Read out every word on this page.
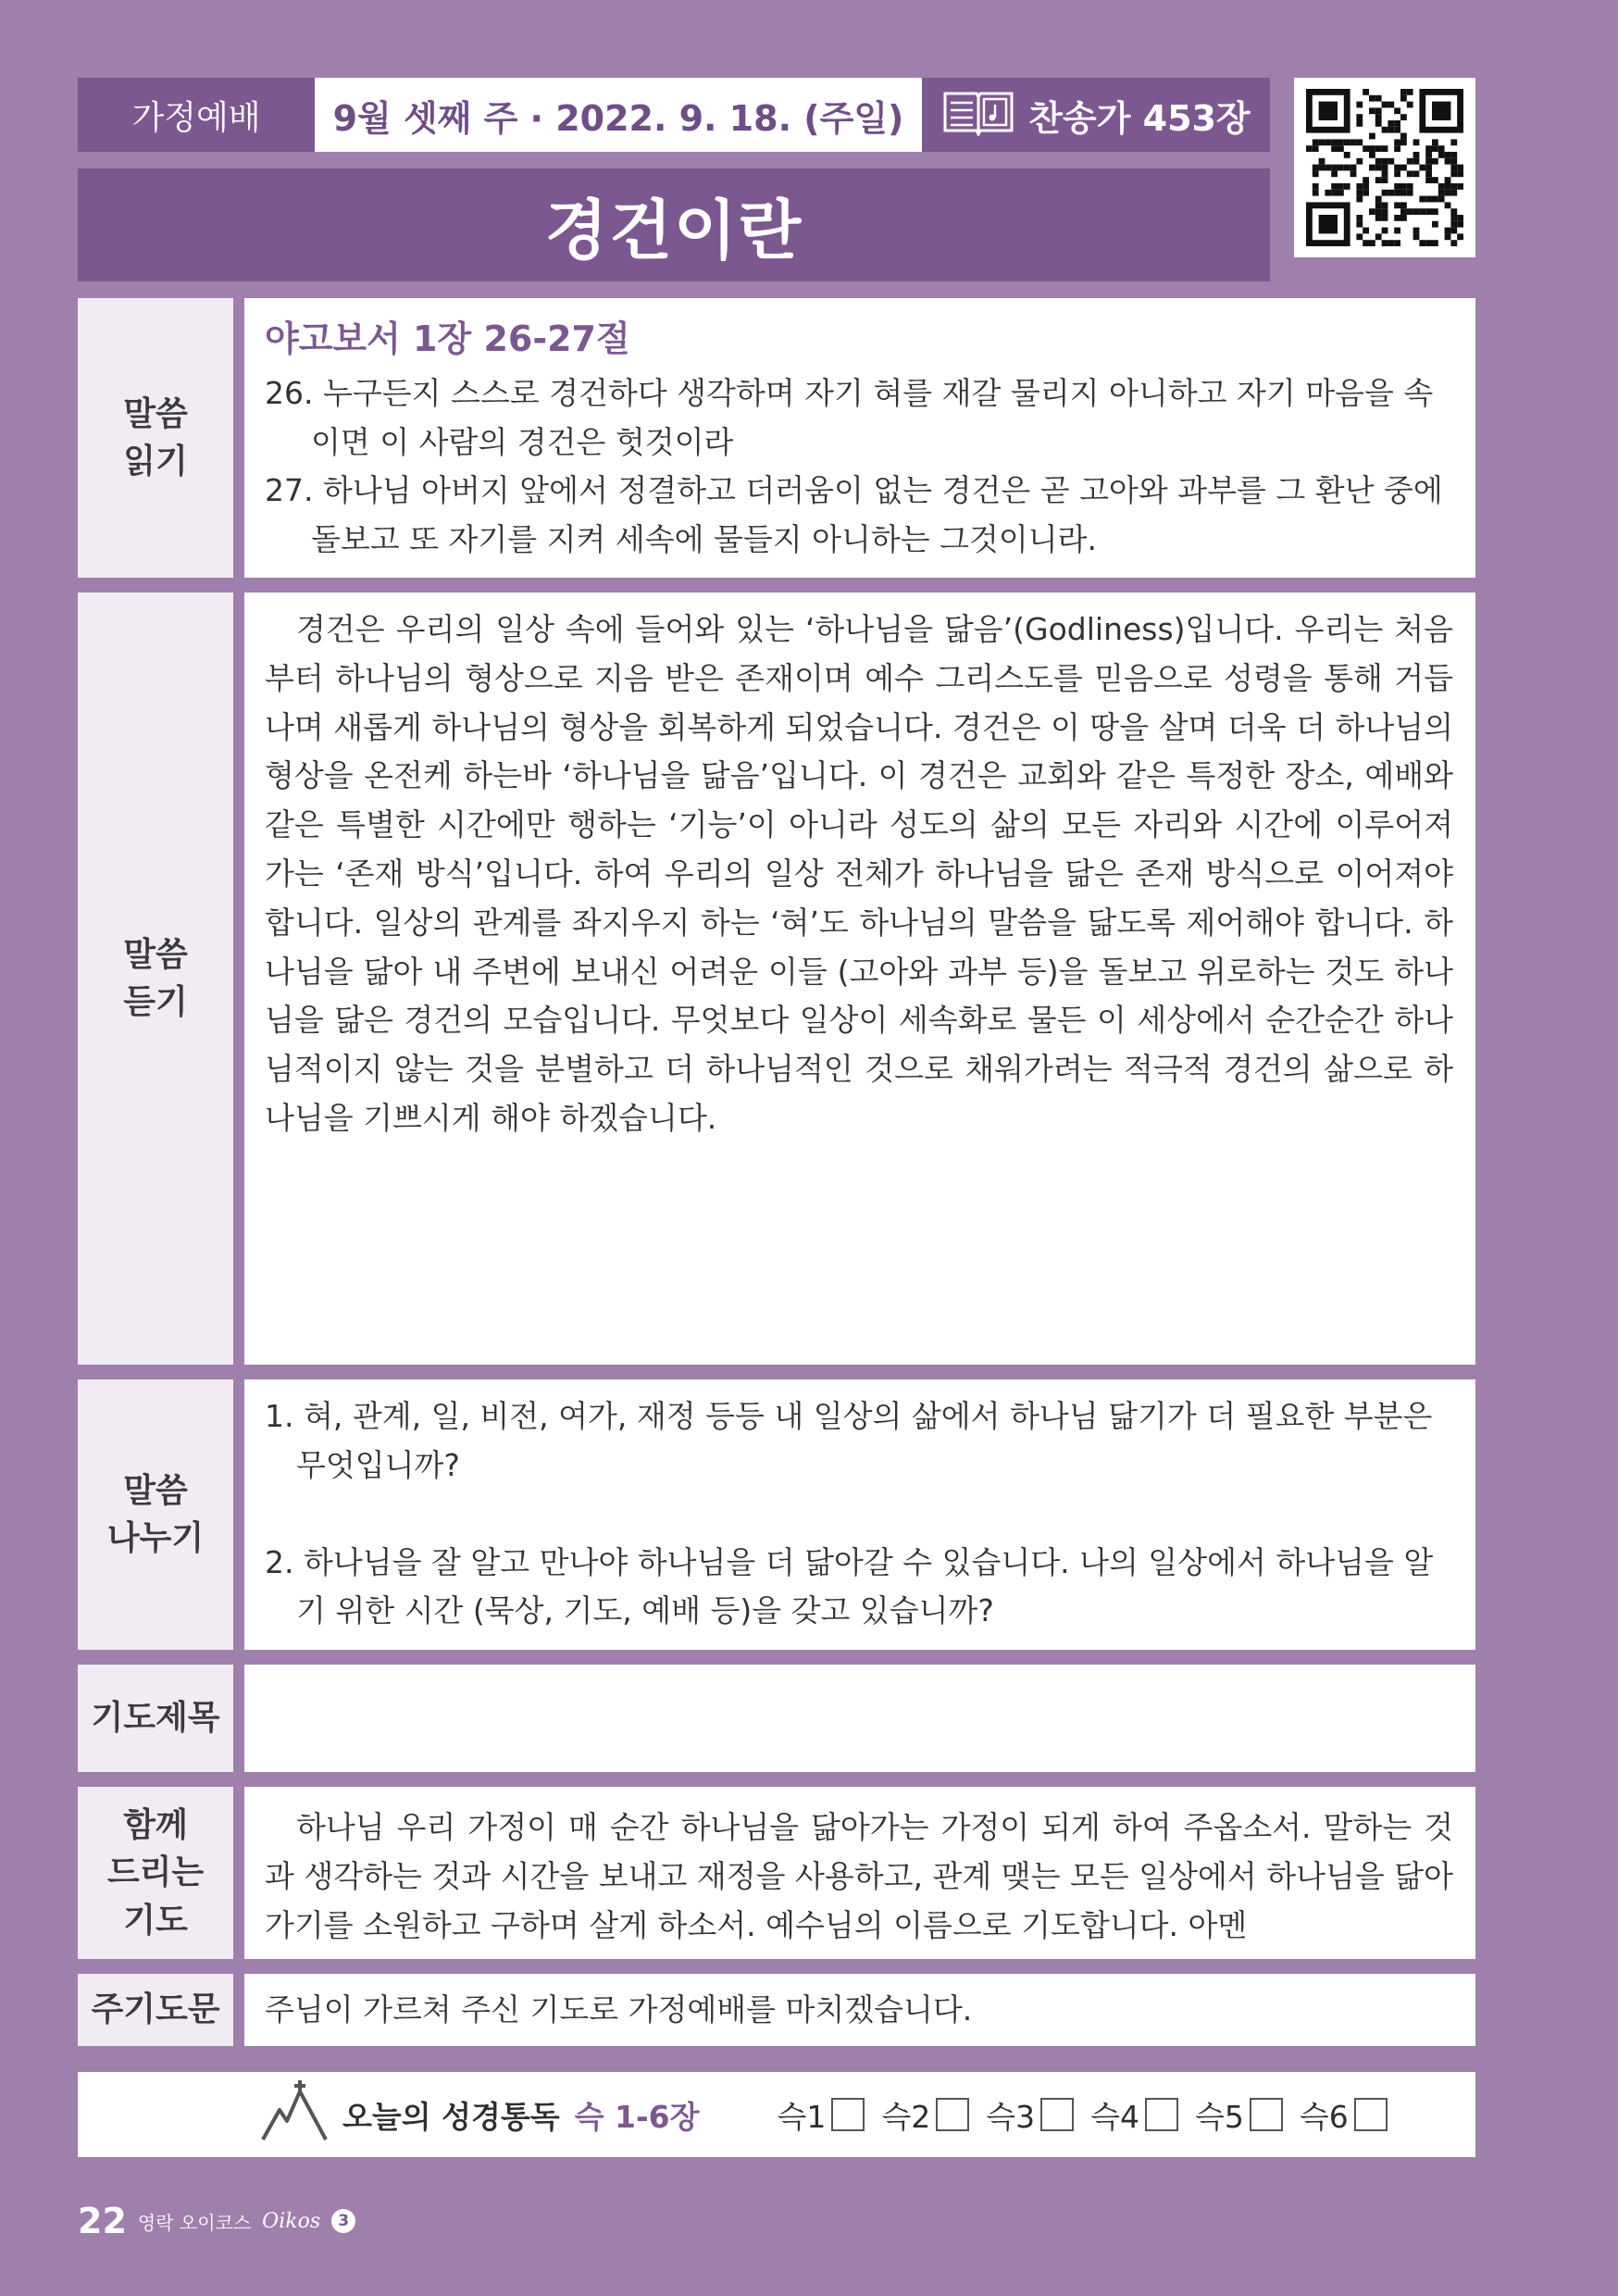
가정예배 9월 셋째 주 · 2022. 9. 18. (주일)	찬송가 453장
경건이란
말씀
읽기
야고보서 1장 26-27절
26. 누구든지 스스로 경건하다 생각하며 자기 혀를 재갈 물리지 아니하고 자기 마음을 속이면 이 사람의 경건은 헛것이라
27. 하나님 아버지 앞에서 정결하고 더러움이 없는 경건은 곧 고아와 과부를 그 환난 중에 돌보고 또 자기를 지켜 세속에 물들지 아니하는 그것이니라.
말씀
듣기
경건은 우리의 일상 속에 들어와 있는 ‘하나님을 닮음’(Godliness)입니다. 우리는 처음부터 하나님의 형상으로 지음 받은 존재이며 예수 그리스도를 믿음으로 성령을 통해 거듭나며 새롭게 하나님의 형상을 회복하게 되었습니다. 경건은 이 땅을 살며 더욱 더 하나님의 형상을 온전케 하는바 ‘하나님을 닮음’입니다. 이 경건은 교회와 같은 특정한 장소, 예배와 같은 특별한 시간에만 행하는 ‘기능’이 아니라 성도의 삶의 모든 자리와 시간에 이루어져 가는 ‘존재 방식’입니다. 하여 우리의 일상 전체가 하나님을 닮은 존재 방식으로 이어져야 합니다. 일상의 관계를 좌지우지 하는 ‘혀’도 하나님의 말씀을 닮도록 제어해야 합니다. 하나님을 닮아 내 주변에 보내신 어려운 이들 (고아와 과부 등)을 돌보고 위로하는 것도 하나님을 닮은 경건의 모습입니다. 무엇보다 일상이 세속화로 물든 이 세상에서 순간순간 하나님적이지 않는 것을 분별하고 더 하나님적인 것으로 채워가려는 적극적 경건의 삶으로 하나님을 기쁘시게 해야 하겠습니다.
말씀
나누기
1. 혀, 관계, 일, 비전, 여가, 재정 등등 내 일상의 삶에서 하나님 닮기가 더 필요한 부분은 무엇입니까?
2. 하나님을 잘 알고 만나야 하나님을 더 닮아갈 수 있습니다. 나의 일상에서 하나님을 알기 위한 시간 (묵상, 기도, 예배 등)을 갖고 있습니까?
기도제목
함께
드리는
기도
하나님 우리 가정이 매 순간 하나님을 닮아가는 가정이 되게 하여 주옵소서. 말하는 것과 생각하는 것과 시간을 보내고 재정을 사용하고, 관계 맺는 모든 일상에서 하나님을 닮아가기를 소원하고 구하며 살게 하소서. 예수님의 이름으로 기도합니다. 아멘
주기도문 주님이 가르쳐 주신 기도로 가정예배를 마치겠습니다.
오늘의 성경통독 슥 1-6장	슥1 슥2 슥3 슥4 슥5 슥6
22 영락 오이코스 Oikos 3
